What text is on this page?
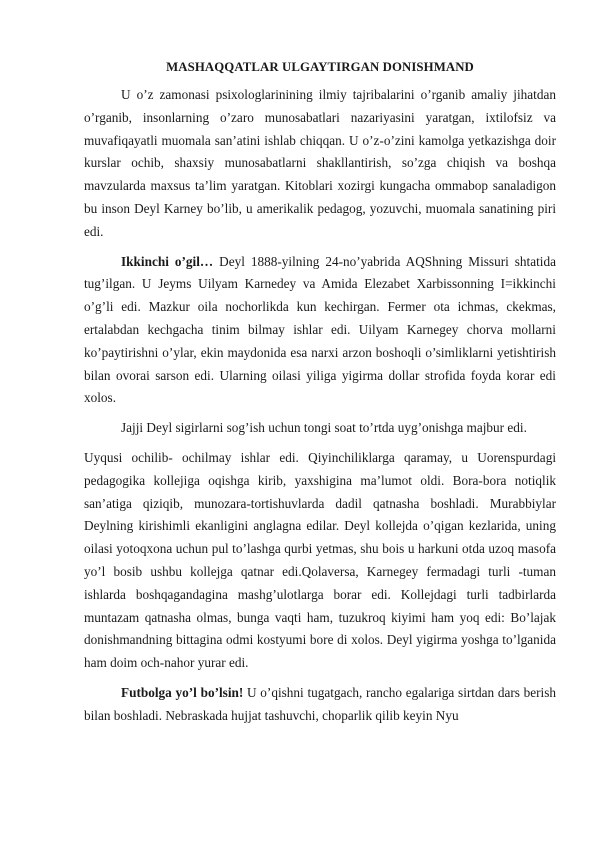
MASHAQQATLAR ULGAYTIRGAN DONISHMAND

U o’z zamonasi psixologlarinining ilmiy tajribalarini o’rganib amaliy jihatdan o’rganib, insonlarning o’zaro munosabatlari nazariyasini yaratgan, ixtilofsiz va muvafiqayatli muomala san’atini ishlab chiqqan. U o’z-o’zini kamolga yetkazishga doir kurslar ochib, shaxsiy munosabatlarni shakllantirish, so’zga chiqish va boshqa mavzularda maxsus ta’lim yaratgan. Kitoblari xozirgi kungacha ommabop sanaladigon bu inson Deyl Karney bo’lib, u amerikalik pedagog, yozuvchi, muomala sanatining piri edi.

Ikkinchi o’gil… Deyl 1888-yilning 24-no’yabrida AQShning Missuri shtatida tug’ilgan. U Jeyms Uilyam Karnedey va Amida Elezabet Xarbissonning I=ikkinchi o’g’li edi. Mazkur oila nochorlikda kun kechirgan. Fermer ota ichmas, ckekmas, ertalabdan kechgacha tinim bilmay ishlar edi. Uilyam Karnegey chorva mollarni ko’paytirishni o’ylar, ekin maydonida esa narxi arzon boshoqli o’simliklarni yetishtirish bilan ovorai sarson edi. Ularning oilasi yiliga yigirma dollar strofida foyda korar edi xolos.

Jajji Deyl sigirlarni sog’ish uchun tongi soat to’rtda uyg’onishga majbur edi.

Uyqusi ochilib- ochilmay ishlar edi. Qiyinchiliklarga qaramay, u Uorenspurdagi pedagogika kollejiga oqishga kirib, yaxshigina ma’lumot oldi. Bora-bora notiqlik san’atiga qiziqib, munozara-tortishuvlarda dadil qatnasha boshladi. Murabbiylar Deylning kirishimli ekanligini anglagna edilar. Deyl kollejda o’qigan kezlarida, uning oilasi yotoqxona uchun pul to’lashga qurbi yetmas, shu bois u harkuni otda uzoq masofa yo’l bosib ushbu kollejga qatnar edi.Qolaversa, Karnegey fermadagi turli -tuman ishlarda boshqagandagina mashg’ulotlarga borar edi. Kollejdagi turli tadbirlarda muntazam qatnasha olmas, bunga vaqti ham, tuzukroq kiyimi ham yoq edi: Bo’lajak donishmandning bittagina odmi kostyumi bore di xolos. Deyl yigirma yoshga to’lganida ham doim och-nahor yurar edi.

Futbolga yo’l bo’lsin! U o’qishni tugatgach, rancho egalariga sirtdan dars berish bilan boshladi. Nebraskada hujjat tashuvchi, choparlik qilib keyin Nyu
